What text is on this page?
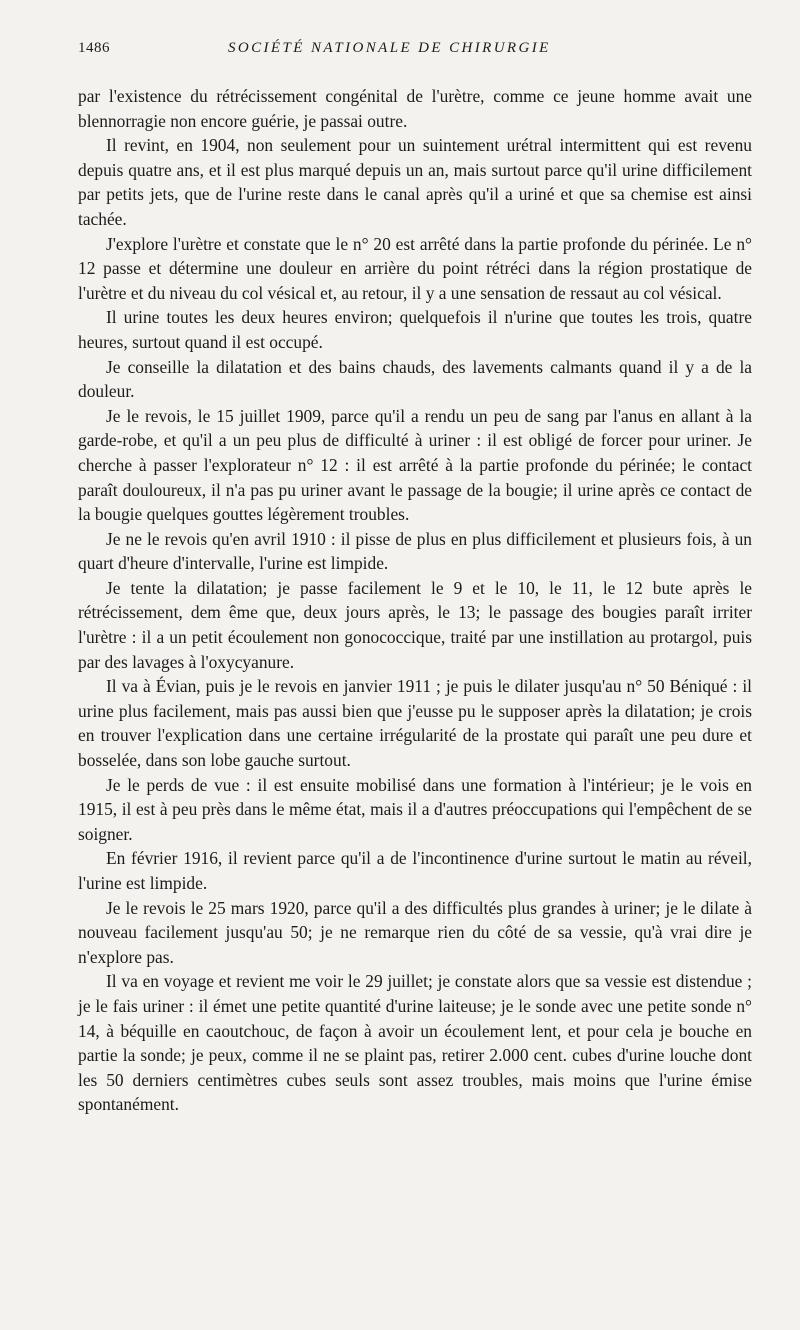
1486	SOCIÉTÉ NATIONALE DE CHIRURGIE

par l'existence du rétrécissement congénital de l'urètre, comme ce jeune homme avait une blennorragie non encore guérie, je passai outre.

Il revint, en 1904, non seulement pour un suintement urétral intermittent qui est revenu depuis quatre ans, et il est plus marqué depuis un an, mais surtout parce qu'il urine difficilement par petits jets, que de l'urine reste dans le canal après qu'il a uriné et que sa chemise est ainsi tachée.

J'explore l'urètre et constate que le n° 20 est arrêté dans la partie profonde du périnée. Le n° 12 passe et détermine une douleur en arrière du point rétréci dans la région prostatique de l'urètre et du niveau du col vésical et, au retour, il y a une sensation de ressaut au col vésical.

Il urine toutes les deux heures environ; quelquefois il n'urine que toutes les trois, quatre heures, surtout quand il est occupé.

Je conseille la dilatation et des bains chauds, des lavements calmants quand il y a de la douleur.

Je le revois, le 15 juillet 1909, parce qu'il a rendu un peu de sang par l'anus en allant à la garde-robe, et qu'il a un peu plus de difficulté à uriner : il est obligé de forcer pour uriner. Je cherche à passer l'explorateur n° 12 : il est arrêté à la partie profonde du périnée; le contact paraît douloureux, il n'a pas pu uriner avant le passage de la bougie; il urine après ce contact de la bougie quelques gouttes légèrement troubles.

Je ne le revois qu'en avril 1910 : il pisse de plus en plus difficilement et plusieurs fois, à un quart d'heure d'intervalle, l'urine est limpide.

Je tente la dilatation; je passe facilement le 9 et le 10, le 11, le 12 bute après le rétrécissement, dem ême que, deux jours après, le 13; le passage des bougies paraît irriter l'urètre : il a un petit écoulement non gonococcique, traité par une instillation au protargol, puis par des lavages à l'oxycyanure.

Il va à Évian, puis je le revois en janvier 1911 ; je puis le dilater jusqu'au n° 50 Béniqué : il urine plus facilement, mais pas aussi bien que j'eusse pu le supposer après la dilatation; je crois en trouver l'explication dans une certaine irrégularité de la prostate qui paraît une peu dure et bosselée, dans son lobe gauche surtout.

Je le perds de vue : il est ensuite mobilisé dans une formation à l'intérieur; je le vois en 1915, il est à peu près dans le même état, mais il a d'autres préoccupations qui l'empêchent de se soigner.

En février 1916, il revient parce qu'il a de l'incontinence d'urine surtout le matin au réveil, l'urine est limpide.

Je le revois le 25 mars 1920, parce qu'il a des difficultés plus grandes à uriner; je le dilate à nouveau facilement jusqu'au 50; je ne remarque rien du côté de sa vessie, qu'à vrai dire je n'explore pas.

Il va en voyage et revient me voir le 29 juillet; je constate alors que sa vessie est distendue ; je le fais uriner : il émet une petite quantité d'urine laiteuse; je le sonde avec une petite sonde n° 14, à béquille en caoutchouc, de façon à avoir un écoulement lent, et pour cela je bouche en partie la sonde; je peux, comme il ne se plaint pas, retirer 2.000 cent. cubes d'urine louche dont les 50 derniers centimètres cubes seuls sont assez troubles, mais moins que l'urine émise spontanément.
